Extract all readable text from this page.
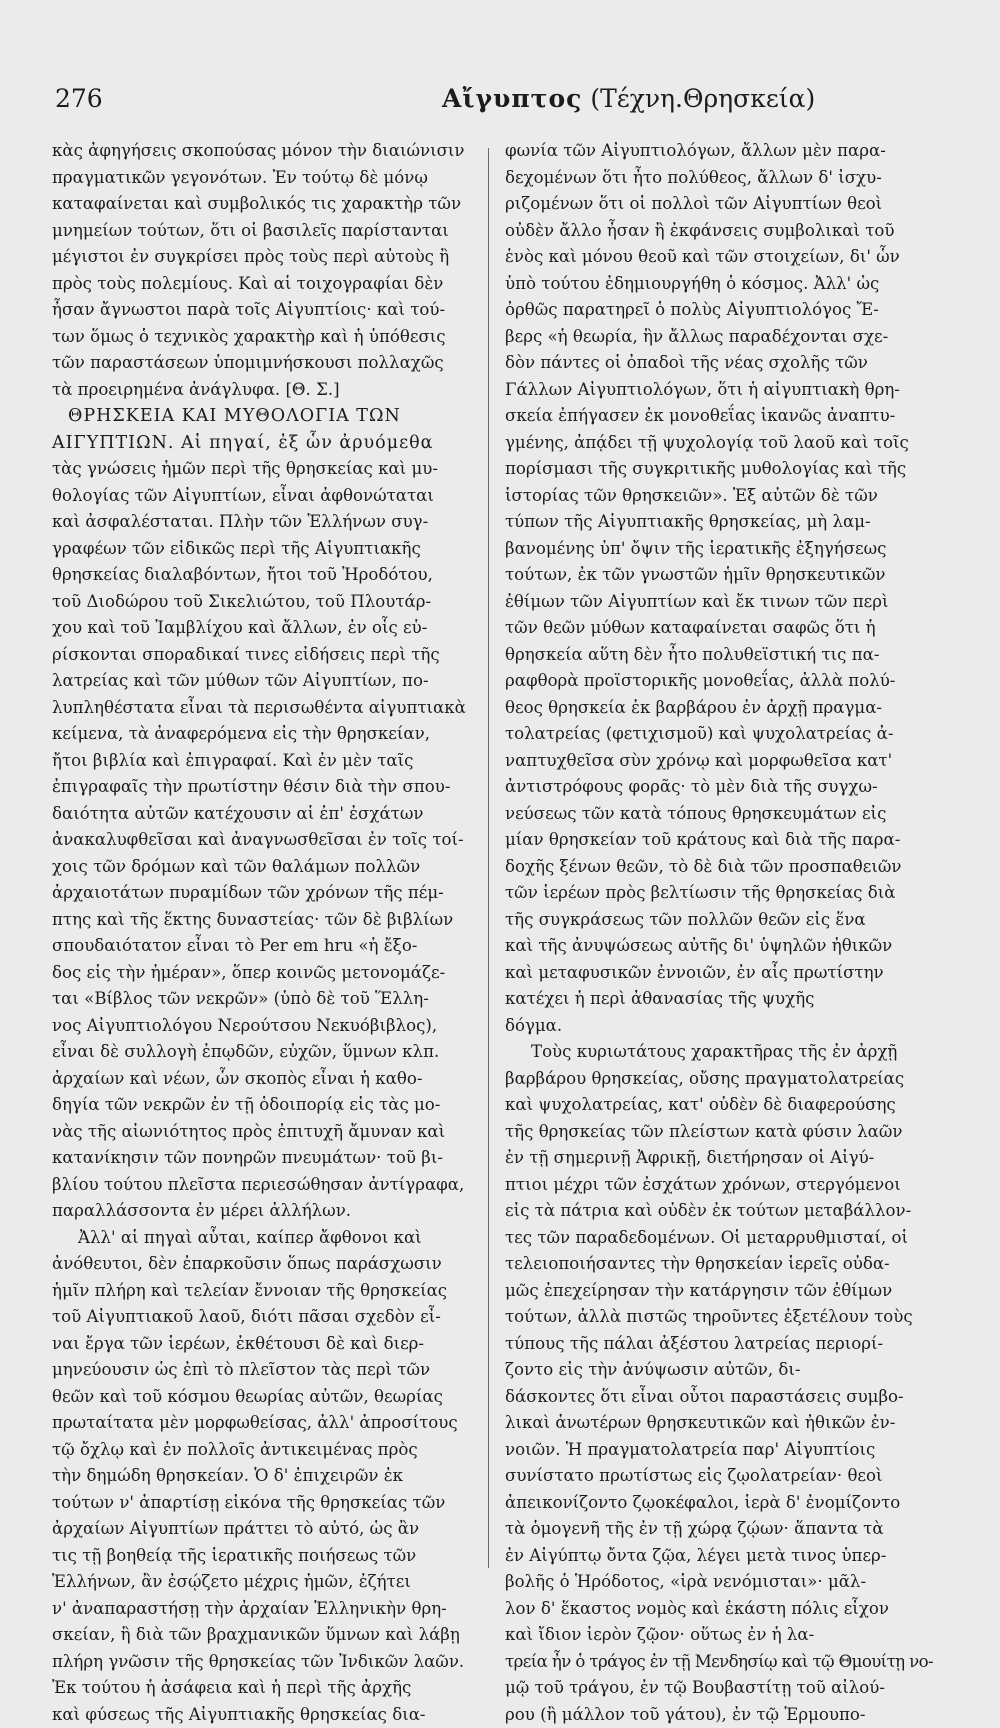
276	Αἴγυπτος (Τέχνη.Θρησκεία)
κὰς ἀφηγήσεις σκοπούσας μόνον τὴν διαιώνισιν
πραγματικῶν γεγονότων. Ἐν τούτῳ δὲ μόνῳ
καταφαίνεται καὶ συμβολικός τις χαρακτὴρ τῶν
μνημείων τούτων, ὅτι οἱ βασιλεῖς παρίστανται
μέγιστοι ἐν συγκρίσει πρὸς τοὺς περὶ αὐτοὺς ἢ
πρὸς τοὺς πολεμίους. Καὶ αἱ τοιχογραφίαι δὲν
ἦσαν ἄγνωστοι παρὰ τοῖς Αἰγυπτίοις· καὶ τού-
των ὅμως ὁ τεχνικὸς χαρακτὴρ καὶ ἡ ὑπόθεσις
τῶν παραστάσεων ὑπομιμνήσκουσι πολλαχῶς
τὰ προειρημένα ἀνάγλυφα. [Θ. Σ.]
ΘΡΗΣΚΕΙΑ ΚΑΙ ΜΥΘΟΛΟΓΙΑ ΤΩΝ
ΑΙΓΥΠΤΙΩΝ. Αἱ πηγαί, ἐξ ὧν ἀρυόμεθα
τὰς γνώσεις ἡμῶν περὶ τῆς θρησκείας καὶ μυ-
θολογίας τῶν Αἰγυπτίων, εἶναι ἀφθονώταται
καὶ ἀσφαλέσταται. Πλὴν τῶν Ἑλλήνων συγ-
γραφέων τῶν εἰδικῶς περὶ τῆς Αἰγυπτιακῆς
θρησκείας διαλαβόντων, ἤτοι τοῦ Ἡροδότου,
τοῦ Διοδώρου τοῦ Σικελιώτου, τοῦ Πλουτάρ-
χου καὶ τοῦ Ἰαμβλίχου καὶ ἄλλων, ἐν οἷς εὑ-
ρίσκονται σποραδικαί τινες εἰδήσεις περὶ τῆς
λατρείας καὶ τῶν μύθων τῶν Αἰγυπτίων, πο-
λυπληθέστατα εἶναι τὰ περισωθέντα αἰγυπτιακὰ
κείμενα, τὰ ἀναφερόμενα εἰς τὴν θρησκείαν,
ἤτοι βιβλία καὶ ἐπιγραφαί. Καὶ ἐν μὲν ταῖς
ἐπιγραφαῖς τὴν πρωτίστην θέσιν διὰ τὴν σπου-
δαιότητα αὐτῶν κατέχουσιν αἱ ἐπ' ἐσχάτων
ἀνακαλυφθεῖσαι καὶ ἀναγνωσθεῖσαι ἐν τοῖς τοί-
χοις τῶν δρόμων καὶ τῶν θαλάμων πολλῶν
ἀρχαιοτάτων πυραμίδων τῶν χρόνων τῆς πέμ-
πτης καὶ τῆς ἕκτης δυναστείας· τῶν δὲ βιβλίων
σπουδαιότατον εἶναι τὸ Per em hru «ἡ ἔξο-
δος εἰς τὴν ἡμέραν», ὅπερ κοινῶς μετονομάζε-
ται «Βίβλος τῶν νεκρῶν» (ὑπὸ δὲ τοῦ Ἕλλη-
νος Αἰγυπτιολόγου Νερούτσου Νεκυόβιβλος),
εἶναι δὲ συλλογὴ ἐπῳδῶν, εὐχῶν, ὕμνων κλπ.
ἀρχαίων καὶ νέων, ὧν σκοπὸς εἶναι ἡ καθο-
δηγία τῶν νεκρῶν ἐν τῇ ὁδοιπορίᾳ εἰς τὰς μο-
νὰς τῆς αἰωνιότητος πρὸς ἐπιτυχῆ ἄμυναν καὶ
κατανίκησιν τῶν πονηρῶν πνευμάτων· τοῦ βι-
βλίου τούτου πλεῖστα περιεσώθησαν ἀντίγραφα,
παραλλάσσοντα ἐν μέρει ἀλλήλων.
Ἀλλ' αἱ πηγαὶ αὗται, καίπερ ἄφθονοι καὶ
ἀνόθευτοι, δὲν ἐπαρκοῦσιν ὅπως παράσχωσιν
ἡμῖν πλήρη καὶ τελείαν ἔννοιαν τῆς θρησκείας
τοῦ Αἰγυπτιακοῦ λαοῦ, διότι πᾶσαι σχεδὸν εἶ-
ναι ἔργα τῶν ἱερέων, ἐκθέτουσι δὲ καὶ διερ-
μηνεύουσιν ὡς ἐπὶ τὸ πλεῖστον τὰς περὶ τῶν
θεῶν καὶ τοῦ κόσμου θεωρίας αὐτῶν, θεωρίας
πρωταίτατα μὲν μορφωθείσας, ἀλλ' ἀπροσίτους
τῷ ὄχλῳ καὶ ἐν πολλοῖς ἀντικειμένας πρὸς
τὴν δημώδη θρησκείαν. Ὁ δ' ἐπιχειρῶν ἐκ
τούτων ν' ἀπαρτίσῃ εἰκόνα τῆς θρησκείας τῶν
ἀρχαίων Αἰγυπτίων πράττει τὸ αὐτό, ὡς ἂν
τις τῇ βοηθείᾳ τῆς ἱερατικῆς ποιήσεως τῶν
Ἑλλήνων, ἂν ἐσῴζετο μέχρις ἡμῶν, ἐζήτει
ν' ἀναπαραστήσῃ τὴν ἀρχαίαν Ἑλληνικὴν θρη-
σκείαν, ἢ διὰ τῶν βραχμανικῶν ὕμνων καὶ λάβῃ
πλήρη γνῶσιν τῆς θρησκείας τῶν Ἰνδικῶν λαῶν.
Ἐκ τούτου ἡ ἀσάφεια καὶ ἡ περὶ τῆς ἀρχῆς
καὶ φύσεως τῆς Αἰγυπτιακῆς θρησκείας δια-
φωνία τῶν Αἰγυπτιολόγων, ἄλλων μὲν παρα-
δεχομένων ὅτι ἦτο πολύθεος, ἄλλων δ' ἰσχυ-
ριζομένων ὅτι οἱ πολλοὶ τῶν Αἰγυπτίων θεοὶ
οὐδὲν ἄλλο ἦσαν ἢ ἐκφάνσεις συμβολικαὶ τοῦ
ἑνὸς καὶ μόνου θεοῦ καὶ τῶν στοιχείων, δι' ὧν
ὑπὸ τούτου ἐδημιουργήθη ὁ κόσμος. Ἀλλ' ὡς
ὀρθῶς παρατηρεῖ ὁ πολὺς Αἰγυπτιολόγος Ἔ-
βερς «ἡ θεωρία, ἣν ἄλλως παραδέχονται σχε-
δὸν πάντες οἱ ὀπαδοὶ τῆς νέας σχολῆς τῶν
Γάλλων Αἰγυπτιολόγων, ὅτι ἡ αἰγυπτιακὴ θρη-
σκεία ἐπήγασεν ἐκ μονοθεΐας ἱκανῶς ἀναπτυ-
γμένης, ἀπᾴδει τῇ ψυχολογίᾳ τοῦ λαοῦ καὶ τοῖς
πορίσμασι τῆς συγκριτικῆς μυθολογίας καὶ τῆς
ἱστορίας τῶν θρησκειῶν». Ἐξ αὐτῶν δὲ τῶν
τύπων τῆς Αἰγυπτιακῆς θρησκείας, μὴ λαμ-
βανομένης ὑπ' ὄψιν τῆς ἱερατικῆς ἐξηγήσεως
τούτων, ἐκ τῶν γνωστῶν ἡμῖν θρησκευτικῶν
ἐθίμων τῶν Αἰγυπτίων καὶ ἔκ τινων τῶν περὶ
τῶν θεῶν μύθων καταφαίνεται σαφῶς ὅτι ἡ
θρησκεία αὕτη δὲν ἦτο πολυθεϊστική τις πα-
ραφθορὰ προϊστορικῆς μονοθεΐας, ἀλλὰ πολύ-
θεος θρησκεία ἐκ βαρβάρου ἐν ἀρχῇ πραγμα-
τολατρείας (φετιχισμοῦ) καὶ ψυχολατρείας ἀ-
ναπτυχθεῖσα σὺν χρόνῳ καὶ μορφωθεῖσα κατ'
ἀντιστρόφους φορᾶς· τὸ μὲν διὰ τῆς συγχω-
νεύσεως τῶν κατὰ τόπους θρησκευμάτων εἰς
μίαν θρησκείαν τοῦ κράτους καὶ διὰ τῆς παρα-
δοχῆς ξένων θεῶν, τὸ δὲ διὰ τῶν προσπαθειῶν
τῶν ἱερέων πρὸς βελτίωσιν τῆς θρησκείας διὰ
τῆς συγκράσεως τῶν πολλῶν θεῶν εἰς ἕνα
καὶ τῆς ἀνυψώσεως αὐτῆς δι' ὑψηλῶν ἠθικῶν
καὶ μεταφυσικῶν ἐννοιῶν, ἐν αἷς πρωτίστην
κατέχει ἡ περὶ ἀθανασίας τῆς ψυχῆς
δόγμα.
Τοὺς κυριωτάτους χαρακτῆρας τῆς ἐν ἀρχῇ
βαρβάρου θρησκείας, οὔσης πραγματολατρείας
καὶ ψυχολατρείας, κατ' οὐδὲν δὲ διαφερούσης
τῆς θρησκείας τῶν πλείστων κατὰ φύσιν λαῶν
ἐν τῇ σημερινῇ Ἀφρικῇ, διετήρησαν οἱ Αἰγύ-
πτιοι μέχρι τῶν ἐσχάτων χρόνων, στεργόμενοι
εἰς τὰ πάτρια καὶ οὐδὲν ἐκ τούτων μεταβάλλον-
τες τῶν παραδεδομένων. Οἱ μεταρρυθμισταί, οἱ
τελειοποιήσαντες τὴν θρησκείαν ἱερεῖς οὐδα-
μῶς ἐπεχείρησαν τὴν κατάργησιν τῶν ἐθίμων
τούτων, ἀλλὰ πιστῶς τηροῦντες ἐξετέλουν τοὺς
τύπους τῆς πάλαι ἀξέστου λατρείας περιορί-
ζοντο εἰς τὴν ἀνύψωσιν αὐτῶν, δι-
δάσκοντες ὅτι εἶναι οὗτοι παραστάσεις συμβο-
λικαὶ ἀνωτέρων θρησκευτικῶν καὶ ἠθικῶν ἐν-
νοιῶν. Ἡ πραγματολατρεία παρ' Αἰγυπτίοις
συνίστατο πρωτίστως εἰς ζῳολατρείαν· θεοὶ
ἀπεικονίζοντο ζῳοκέφαλοι, ἱερὰ δ' ἐνομίζοντο
τὰ ὁμογενῆ τῆς ἐν τῇ χώρᾳ ζῴων· ἅπαντα τὰ
ἐν Αἰγύπτῳ ὄντα ζῷα, λέγει μετὰ τινος ὑπερ-
βολῆς ὁ Ἡρόδοτος, «ἱρὰ νενόμισται»· μᾶλ-
λον δ' ἕκαστος νομὸς καὶ ἑκάστη πόλις εἶχον
καὶ ἴδιον ἱερὸν ζῷον· οὕτως ἐν ἡ λα-
τρεία ἦν ὁ τράγος ἐν τῇ Μενδησίῳ καὶ τῷ Θμουίτῃ νο-
μῷ τοῦ τράγου, ἐν τῷ Βουβαστίτῃ τοῦ αἰλού-
ρου (ἢ μάλλον τοῦ γάτου), ἐν τῷ Ἑρμουπο-
